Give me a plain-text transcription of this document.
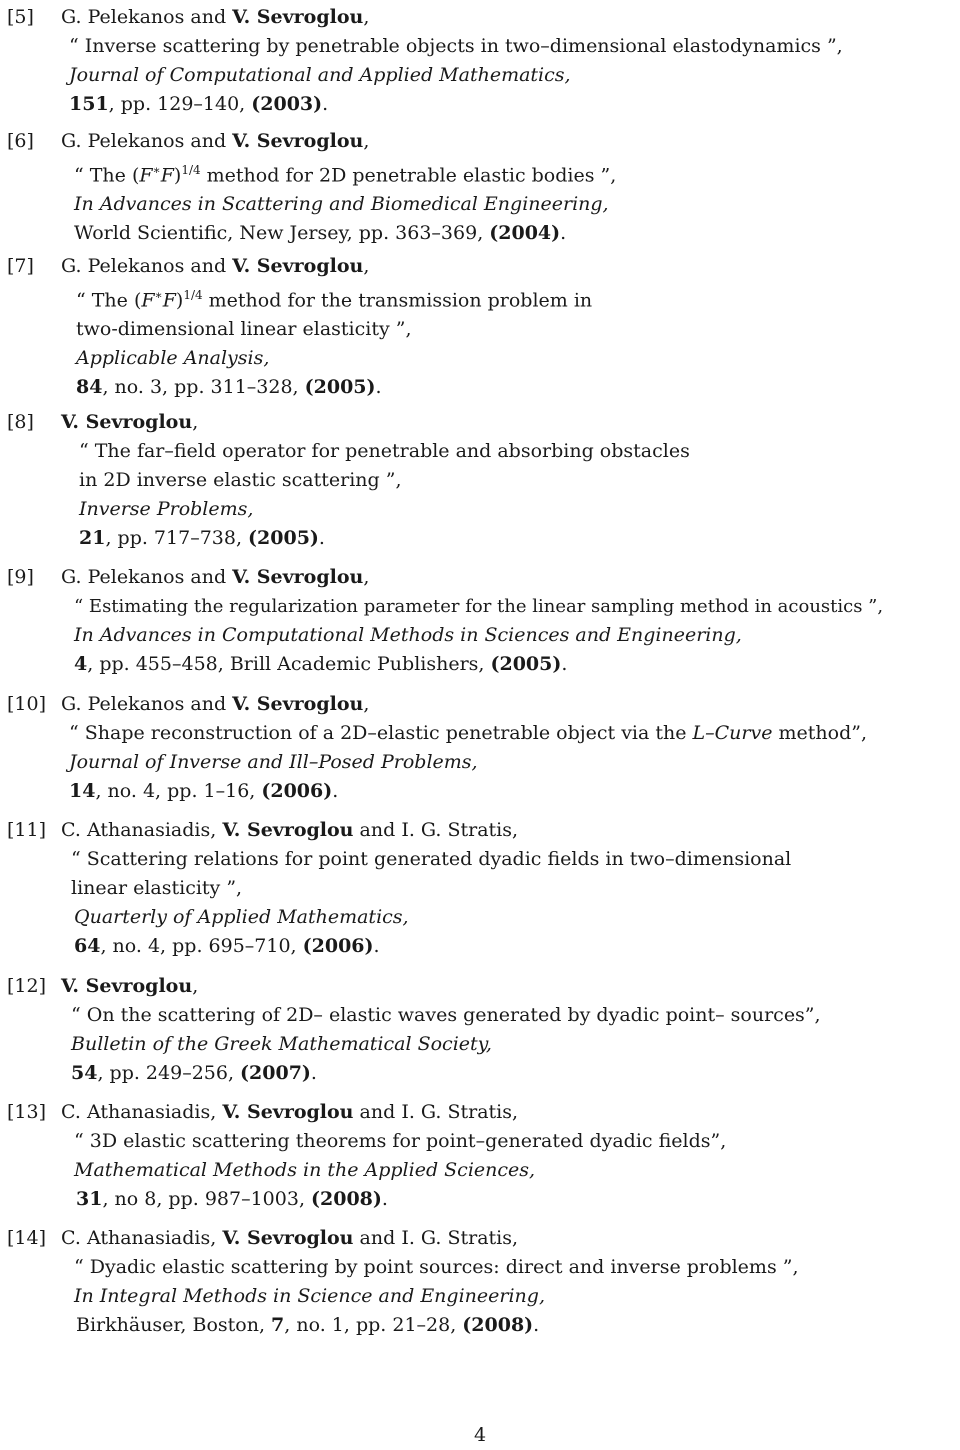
[5] G. Pelekanos and V. Sevroglou,
“ Inverse scattering by penetrable objects in two–dimensional elastodynamics ”,
Journal of Computational and Applied Mathematics,
151, pp. 129–140, (2003).
[6] G. Pelekanos and V. Sevroglou,
“ The $(F^∗F)^{1/4}$ method for 2D penetrable elastic bodies ”,
In Advances in Scattering and Biomedical Engineering,
World Scientific, New Jersey, pp. 363–369, (2004).
[7] G. Pelekanos and V. Sevroglou,
“ The $(F^∗F)^{1/4}$ method for the transmission problem in
two-dimensional linear elasticity ”,
Applicable Analysis,
84, no. 3, pp. 311–328, (2005).
[8] V. Sevroglou,
“ The far–field operator for penetrable and absorbing obstacles
in 2D inverse elastic scattering ”,
Inverse Problems,
21, pp. 717–738, (2005).
[9] G. Pelekanos and V. Sevroglou,
“ Estimating the regularization parameter for the linear sampling method in acoustics ”,
In Advances in Computational Methods in Sciences and Engineering,
4, pp. 455–458, Brill Academic Publishers, (2005).
[10] G. Pelekanos and V. Sevroglou,
“ Shape reconstruction of a 2D–elastic penetrable object via the L–Curve method”,
Journal of Inverse and Ill–Posed Problems,
14, no. 4, pp. 1–16, (2006).
[11] C. Athanasiadis, V. Sevroglou and I. G. Stratis,
“ Scattering relations for point generated dyadic fields in two–dimensional
linear elasticity ”,
Quarterly of Applied Mathematics,
64, no. 4, pp. 695–710, (2006).
[12] V. Sevroglou,
“ On the scattering of 2D– elastic waves generated by dyadic point– sources”,
Bulletin of the Greek Mathematical Society,
54, pp. 249–256, (2007).
[13] C. Athanasiadis, V. Sevroglou and I. G. Stratis,
“ 3D elastic scattering theorems for point–generated dyadic fields”,
Mathematical Methods in the Applied Sciences,
31, no 8, pp. 987–1003, (2008).
[14] C. Athanasiadis, V. Sevroglou and I. G. Stratis,
“ Dyadic elastic scattering by point sources: direct and inverse problems ”,
In Integral Methods in Science and Engineering,
Birkhäuser, Boston, 7, no. 1, pp. 21–28, (2008).
4
